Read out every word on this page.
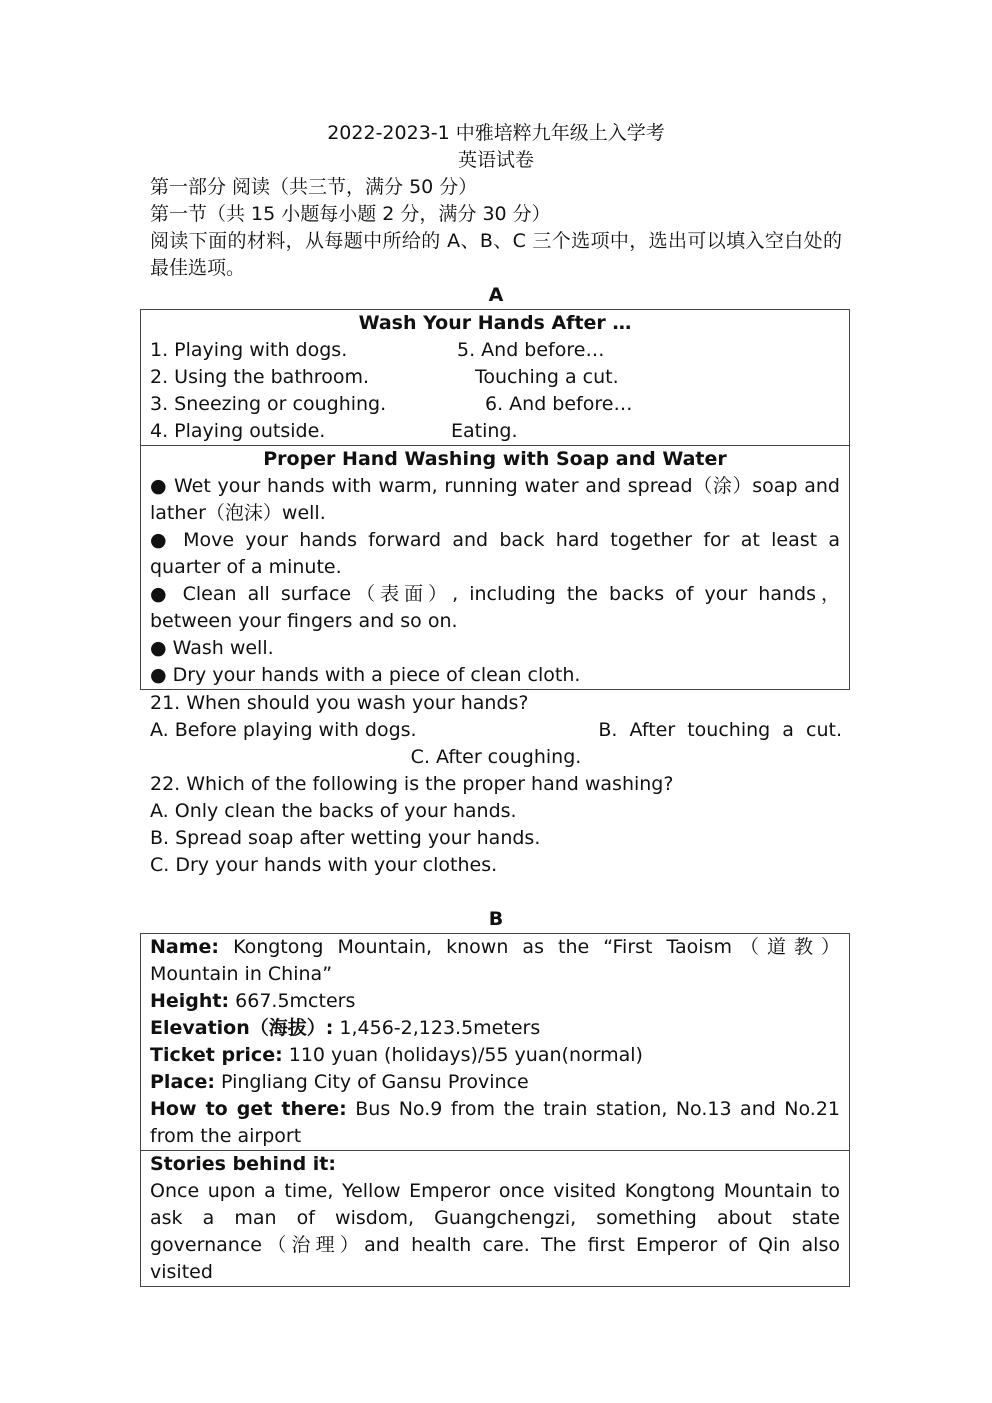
2022-2023-1 中雅培粹九年级上入学考
英语试卷
第一部分 阅读（共三节，满分 50 分）
第一节（共 15 小题每小题 2 分，满分 30 分）
阅读下面的材料，从每题中所给的 A、B、C 三个选项中，选出可以填入空白处的最佳选项。
A
Wash Your Hands After …
1. Playing with dogs.	5. And before…
2. Using the bathroom.	Touching a cut.
3. Sneezing or coughing.	6. And before…
4. Playing outside.	Eating.
Proper Hand Washing with Soap and Water
● Wet your hands with warm, running water and spread（涂）soap and lather（泡沫）well.
● Move your hands forward and back hard together for at least a quarter of a minute.
● Clean all surface（表面）, including the backs of your hands，between your fingers and so on.
● Wash well.
● Dry your hands with a piece of clean cloth.
21. When should you wash your hands?
A. Before playing with dogs.	B.  After  touching  a  cut.
C. After coughing.
22. Which of the following is the proper hand washing?
A. Only clean the backs of your hands.
B. Spread soap after wetting your hands.
C. Dry your hands with your clothes.
B
Name: Kongtong Mountain, known as the “First Taoism（道教）Mountain in China”
Height: 667.5mcters
Elevation（海拔）: 1,456-2,123.5meters
Ticket price: 110 yuan (holidays)/55 yuan(normal)
Place: Pingliang City of Gansu Province
How to get there: Bus No.9 from the train station, No.13 and No.21 from the airport
Stories behind it:
Once upon a time, Yellow Emperor once visited Kongtong Mountain to ask a man of wisdom, Guangchengzi, something about state governance（治理）and health care. The first Emperor of Qin also visited
